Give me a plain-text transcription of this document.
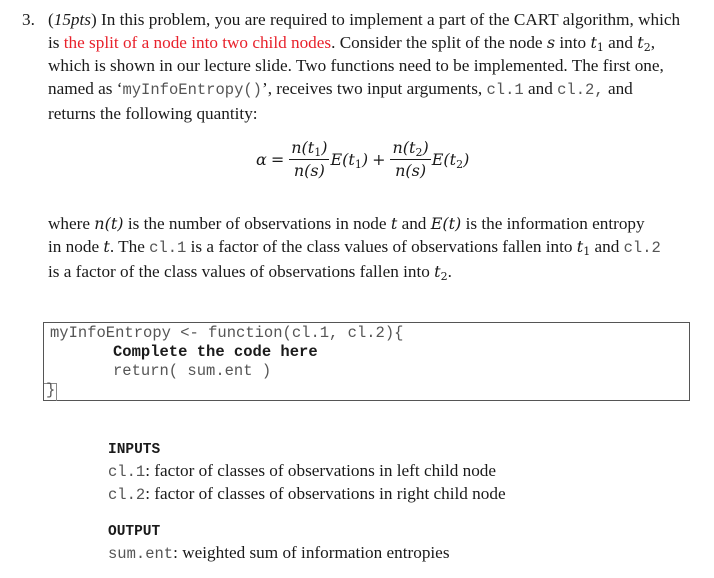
3. (15pts) In this problem, you are required to implement a part of the CART algorithm, which
is the split of a node into two child nodes. Consider the split of the node s into $t_1$ and $t_2$,
which is shown in our lecture slide. Two functions need to be implemented. The first one,
named as ‘myInfoEntropy()’, receives two input arguments, cl.1 and cl.2, and
returns the following quantity:
$\alpha = \frac{n(t_1)}{n(s)} E(t_1) + \frac{n(t_2)}{n(s)} E(t_2)$
where n(t) is the number of observations in node t and E(t) is the information entropy
in node t. The cl.1 is a factor of the class values of observations fallen into $t_1$ and cl.2
is a factor of the class values of observations fallen into $t_2$.
myInfoEntropy <- function(cl.1, cl.2){
Complete the code here
return( sum.ent )
}
INPUTS
cl.1: factor of classes of observations in left child node
cl.2: factor of classes of observations in right child node
OUTPUT
sum.ent: weighted sum of information entropies
